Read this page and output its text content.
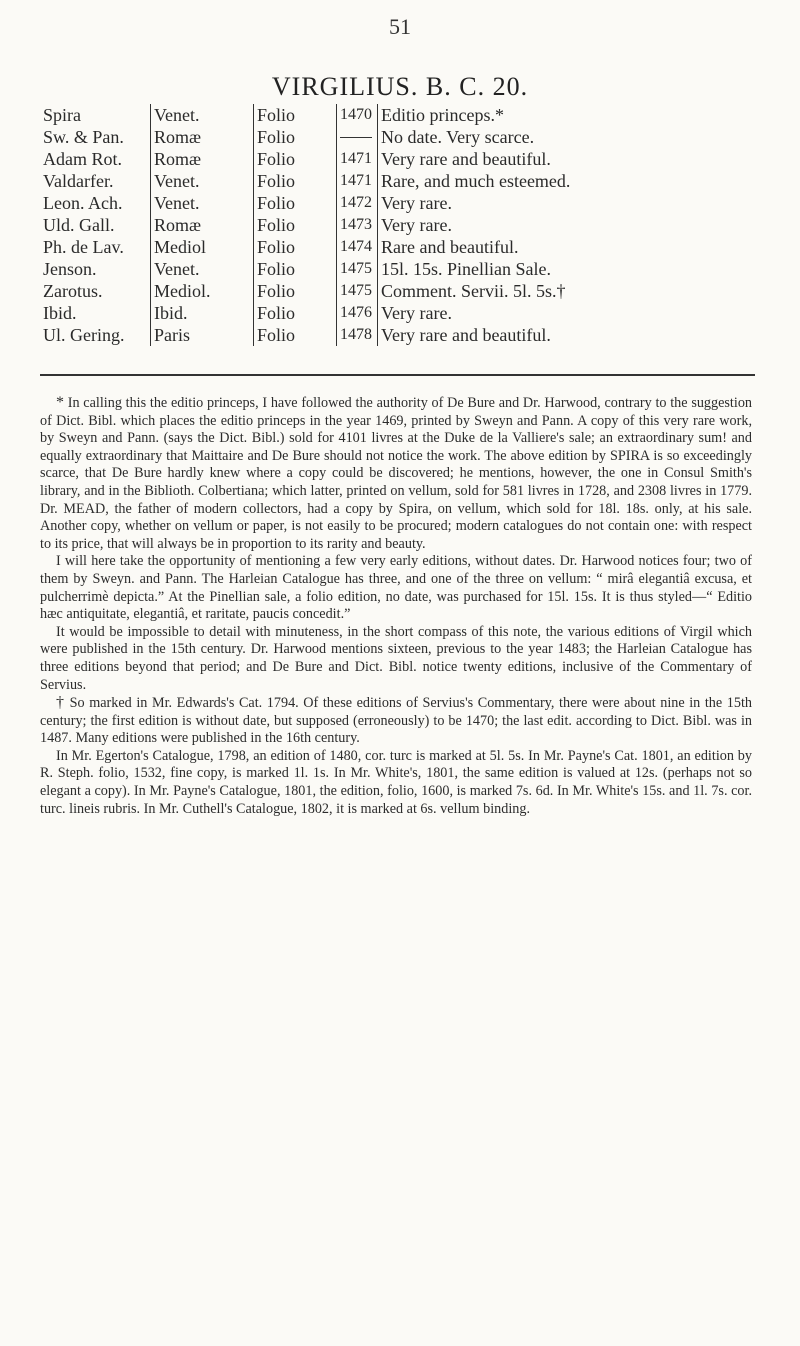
51
VIRGILIUS. B. C. 20.
Spira	Venet.	Folio	1470	Editio princeps.*
Sw. & Pan.	Romæ	Folio		No date. Very scarce.
Adam Rot.	Romæ	Folio	1471	Very rare and beautiful.
Valdarfer.	Venet.	Folio	1471	Rare, and much esteemed.
Leon. Ach.	Venet.	Folio	1472	Very rare.
Uld. Gall.	Romæ	Folio	1473	Very rare.
Ph. de Lav.	Mediol	Folio	1474	Rare and beautiful.
Jenson.	Venet.	Folio	1475	15l. 15s. Pinellian Sale.
Zarotus.	Mediol.	Folio	1475	Comment. Servii. 5l. 5s.†
Ibid.	Ibid.	Folio	1476	Very rare.
Ul. Gering.	Paris	Folio	1478	Very rare and beautiful.

* In calling this the editio princeps, I have followed the authority of De Bure and Dr. Harwood, contrary to the suggestion of Dict. Bibl. which places the editio princeps in the year 1469, printed by Sweyn and Pann. A copy of this very rare work, by Sweyn and Pann. (says the Dict. Bibl.) sold for 4101 livres at the Duke de la Valliere's sale; an extraordinary sum! and equally extraordinary that Maittaire and De Bure should not notice the work. The above edition by SPIRA is so exceedingly scarce, that De Bure hardly knew where a copy could be discovered; he mentions, however, the one in Consul Smith's library, and in the Biblioth. Colbertiana; which latter, printed on vellum, sold for 581 livres in 1728, and 2308 livres in 1779. Dr. MEAD, the father of modern collectors, had a copy by Spira, on vellum, which sold for 18l. 18s. only, at his sale. Another copy, whether on vellum or paper, is not easily to be procured; modern catalogues do not contain one: with respect to its price, that will always be in proportion to its rarity and beauty.

I will here take the opportunity of mentioning a few very early editions, without dates. Dr. Harwood notices four; two of them by Sweyn. and Pann. The Harleian Catalogue has three, and one of the three on vellum: “ mirâ elegantiâ excusa, et pulcherrimè depicta.” At the Pinellian sale, a folio edition, no date, was purchased for 15l. 15s. It is thus styled—“ Editio hæc antiquitate, elegantiâ, et raritate, paucis concedit.”

It would be impossible to detail with minuteness, in the short compass of this note, the various editions of Virgil which were published in the 15th century. Dr. Harwood mentions sixteen, previous to the year 1483; the Harleian Catalogue has three editions beyond that period; and De Bure and Dict. Bibl. notice twenty editions, inclusive of the Commentary of Servius.

† So marked in Mr. Edwards's Cat. 1794. Of these editions of Servius's Commentary, there were about nine in the 15th century; the first edition is without date, but supposed (erroneously) to be 1470; the last edit. according to Dict. Bibl. was in 1487. Many editions were published in the 16th century.

In Mr. Egerton's Catalogue, 1798, an edition of 1480, cor. turc is marked at 5l. 5s. In Mr. Payne's Cat. 1801, an edition by R. Steph. folio, 1532, fine copy, is marked 1l. 1s. In Mr. White's, 1801, the same edition is valued at 12s. (perhaps not so elegant a copy). In Mr. Payne's Catalogue, 1801, the edition, folio, 1600, is marked 7s. 6d. In Mr. White's 15s. and 1l. 7s. cor. turc. lineis rubris. In Mr. Cuthell's Catalogue, 1802, it is marked at 6s. vellum binding.
